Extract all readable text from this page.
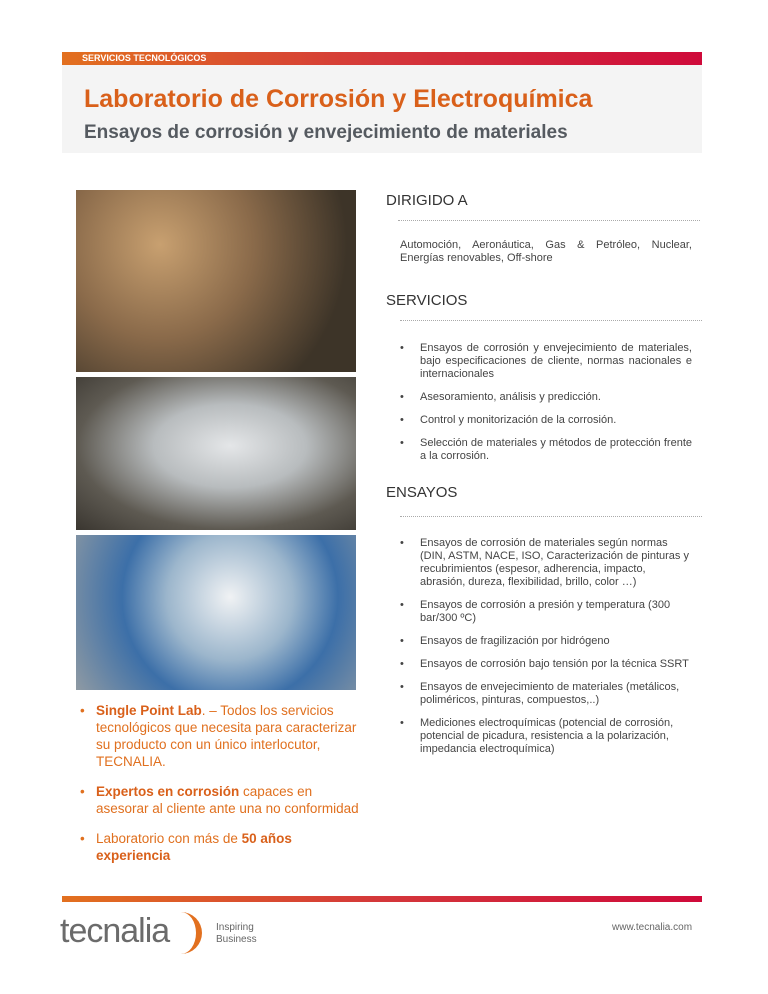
SERVICIOS TECNOLÓGICOS
Laboratorio de Corrosión y Electroquímica
Ensayos de corrosión y envejecimiento de materiales
DIRIGIDO A
Automoción, Aeronáutica, Gas & Petróleo, Nuclear, Energías renovables, Off-shore
SERVICIOS
• Ensayos de corrosión y envejecimiento de materiales, bajo especificaciones de cliente, normas nacionales e internacionales
• Asesoramiento, análisis y predicción.
• Control y monitorización de la corrosión.
• Selección de materiales y métodos de protección frente a la corrosión.
ENSAYOS
• Ensayos de corrosión de materiales según normas (DIN, ASTM, NACE, ISO, Caracterización de pinturas y recubrimientos (espesor, adherencia, impacto, abrasión, dureza, flexibilidad, brillo, color …)
• Ensayos de corrosión a presión y temperatura (300 bar/300 ºC)
• Ensayos de fragilización por hidrógeno
• Ensayos de corrosión bajo tensión por la técnica SSRT
• Ensayos de envejecimiento de materiales (metálicos, poliméricos, pinturas, compuestos,..)
• Mediciones electroquímicas (potencial de corrosión, potencial de picadura, resistencia a la polarización, impedancia electroquímica)
• Single Point Lab. – Todos los servicios tecnológicos que necesita para caracterizar su producto con un único interlocutor, TECNALIA.
• Expertos en corrosión capaces en asesorar al cliente ante una no conformidad
• Laboratorio con más de 50 años experiencia
tecnalia	Inspiring
Business
www.tecnalia.com
